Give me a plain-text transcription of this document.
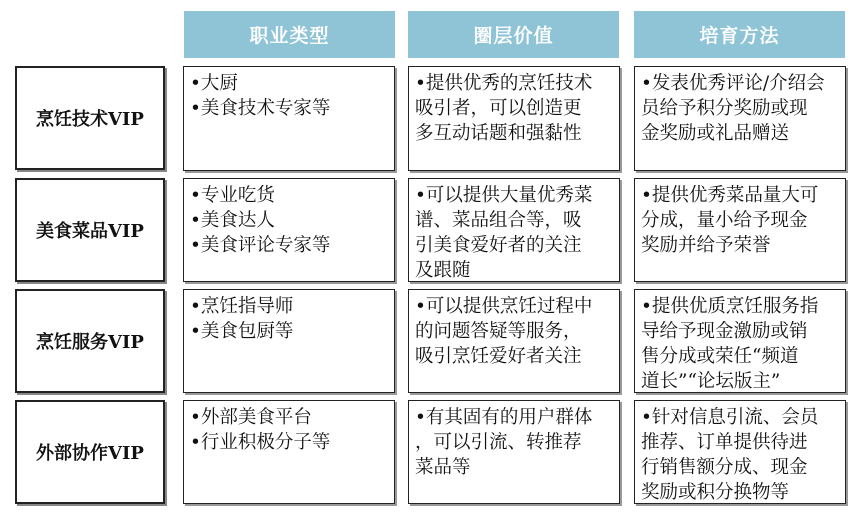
职业类型	圈层价值	培育方法
烹饪技术VIP
•大厨
•美食技术专家等
•提供优秀的烹饪技术
吸引者，可以创造更
多互动话题和强黏性
•发表优秀评论/介绍会
员给予积分奖励或现
金奖励或礼品赠送
美食菜品VIP
•专业吃货
•美食达人
•美食评论专家等
•可以提供大量优秀菜
谱、菜品组合等，吸
引美食爱好者的关注
及跟随
•提供优秀菜品量大可
分成，量小给予现金
奖励并给予荣誉
烹饪服务VIP
•烹饪指导师
•美食包厨等
•可以提供烹饪过程中
的问题答疑等服务，
吸引烹饪爱好者关注
•提供优质烹饪服务指
导给予现金激励或销
售分成或荣任“频道
道长”“论坛版主”
外部协作VIP
•外部美食平台
•行业积极分子等
•有其固有的用户群体
，可以引流、转推荐
菜品等
•针对信息引流、会员
推荐、订单提供待进
行销售额分成、现金
奖励或积分换物等
